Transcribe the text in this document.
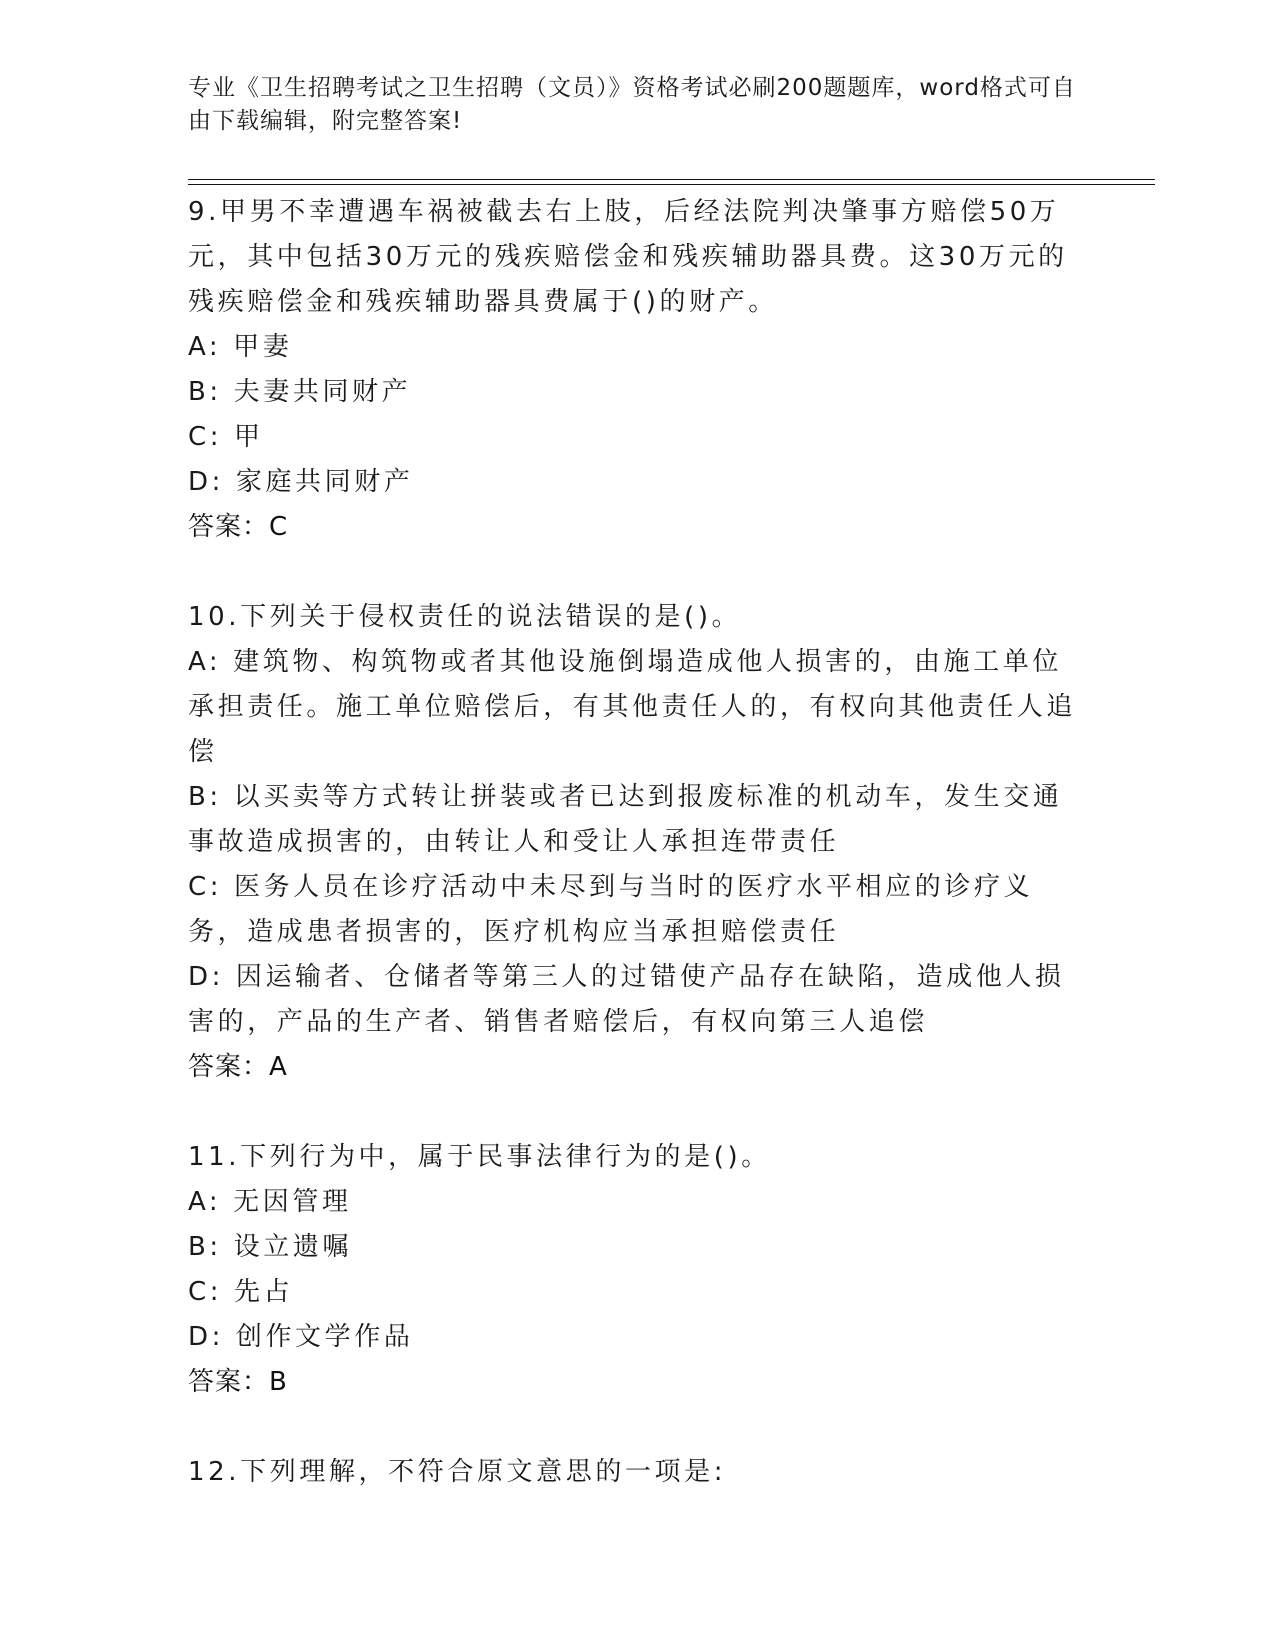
专业《卫生招聘考试之卫生招聘（文员）》资格考试必刷200题题库，word格式可自由下载编辑，附完整答案!

9.甲男不幸遭遇车祸被截去右上肢，后经法院判决肇事方赔偿50万元，其中包括30万元的残疾赔偿金和残疾辅助器具费。这30万元的残疾赔偿金和残疾辅助器具费属于()的财产。

A: 甲妻

B: 夫妻共同财产

C: 甲

D: 家庭共同财产

答案：C

10.下列关于侵权责任的说法错误的是()。

A: 建筑物、构筑物或者其他设施倒塌造成他人损害的，由施工单位承担责任。施工单位赔偿后，有其他责任人的，有权向其他责任人追偿

B: 以买卖等方式转让拼装或者已达到报废标准的机动车，发生交通事故造成损害的，由转让人和受让人承担连带责任

C: 医务人员在诊疗活动中未尽到与当时的医疗水平相应的诊疗义务，造成患者损害的，医疗机构应当承担赔偿责任

D: 因运输者、仓储者等第三人的过错使产品存在缺陷，造成他人损害的，产品的生产者、销售者赔偿后，有权向第三人追偿

答案：A

11.下列行为中，属于民事法律行为的是()。

A: 无因管理

B: 设立遗嘱

C: 先占

D: 创作文学作品

答案：B

12.下列理解，不符合原文意思的一项是:
